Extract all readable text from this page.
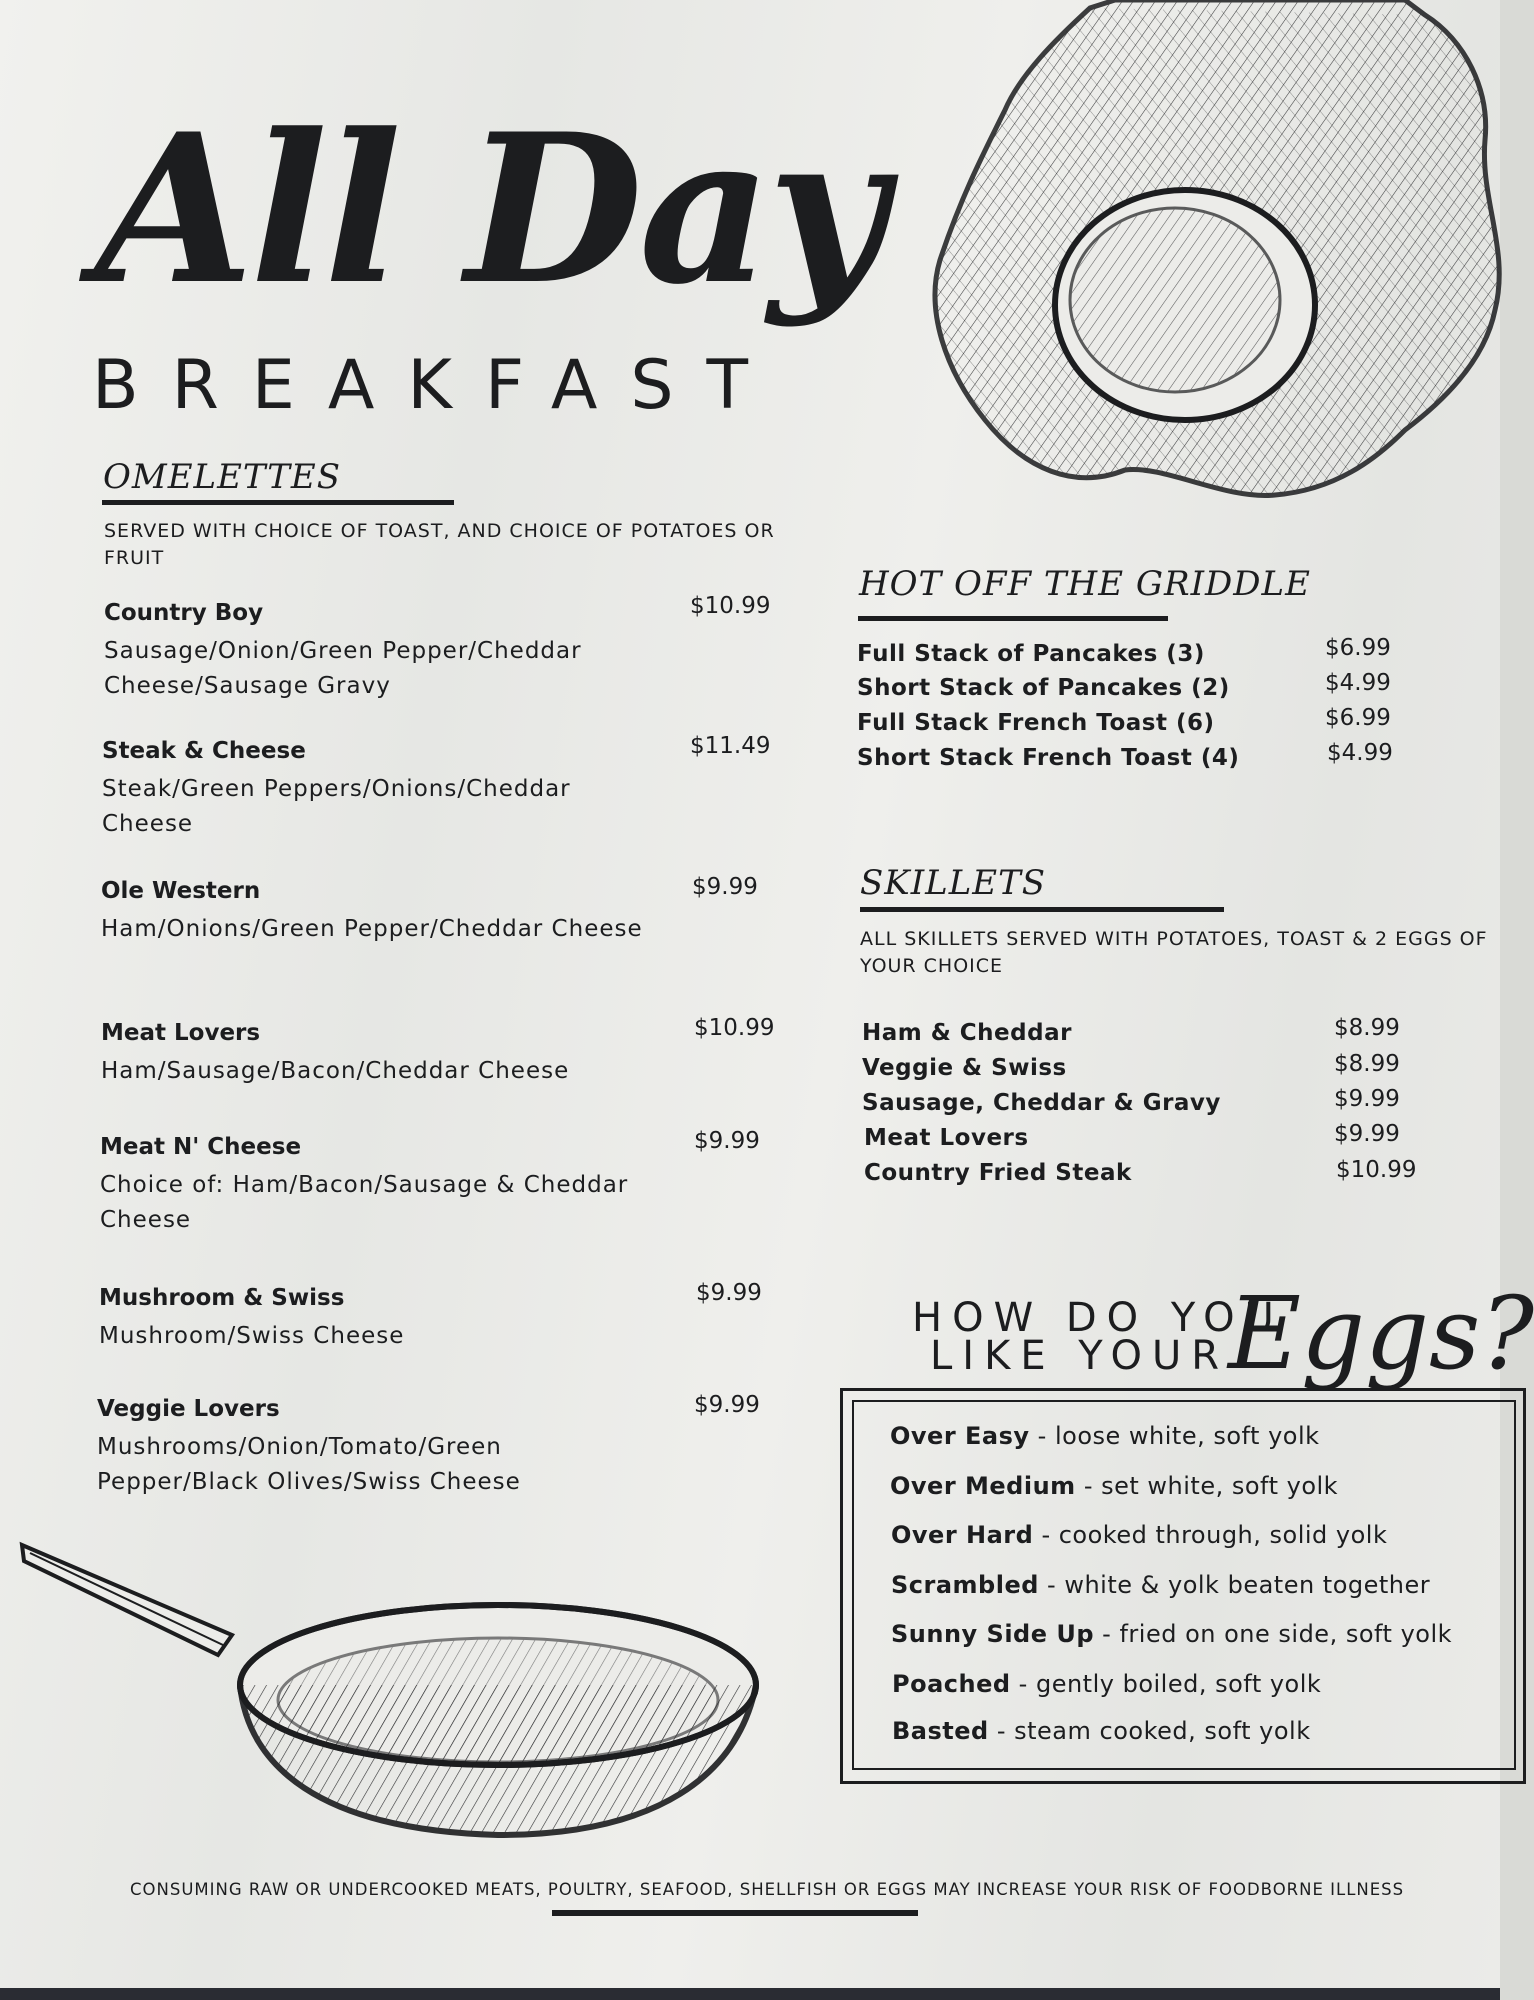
All Day
BREAKFAST
OMELETTES
SERVED WITH CHOICE OF TOAST, AND CHOICE OF POTATOES OR FRUIT
Country Boy
Sausage/Onion/Green Pepper/Cheddar Cheese/Sausage Gravy
$10.99
Steak & Cheese
Steak/Green Peppers/Onions/Cheddar Cheese
$11.49
Ole Western
Ham/Onions/Green Pepper/Cheddar Cheese
$9.99
Meat Lovers
Ham/Sausage/Bacon/Cheddar Cheese
$10.99
Meat N' Cheese
Choice of: Ham/Bacon/Sausage & Cheddar Cheese
$9.99
Mushroom & Swiss
Mushroom/Swiss Cheese
$9.99
Veggie Lovers
Mushrooms/Onion/Tomato/Green Pepper/Black Olives/Swiss Cheese
$9.99
HOT OFF THE GRIDDLE
Full Stack of Pancakes (3)	$6.99
Short Stack of Pancakes (2)	$4.99
Full Stack French Toast (6)	$6.99
Short Stack French Toast (4)	$4.99
SKILLETS
ALL SKILLETS SERVED WITH POTATOES, TOAST & 2 EGGS OF YOUR CHOICE
Ham & Cheddar	$8.99
Veggie & Swiss	$8.99
Sausage, Cheddar & Gravy	$9.99
Meat Lovers	$9.99
Country Fried Steak	$10.99
HOW DO YOU
LIKE YOUR
Eggs?
Over Easy - loose white, soft yolk
Over Medium - set white, soft yolk
Over Hard - cooked through, solid yolk
Scrambled - white & yolk beaten together
Sunny Side Up - fried on one side, soft yolk
Poached - gently boiled, soft yolk
Basted - steam cooked, soft yolk
CONSUMING RAW OR UNDERCOOKED MEATS, POULTRY, SEAFOOD, SHELLFISH OR EGGS MAY INCREASE YOUR RISK OF FOODBORNE ILLNESS
